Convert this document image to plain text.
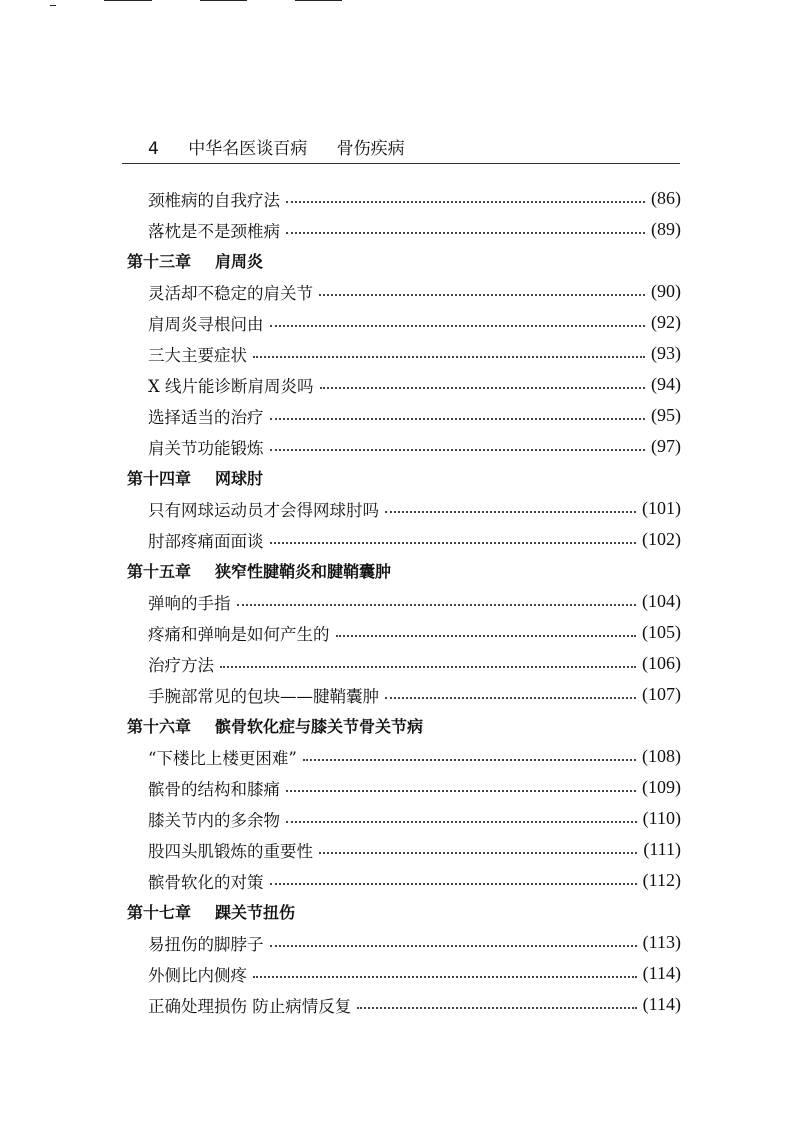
4 中华名医谈百病 骨伤疾病
颈椎病的自我疗法	(86)
落枕是不是颈椎病	(89)
第十三章 肩周炎
灵活却不稳定的肩关节	(90)
肩周炎寻根问由	(92)
三大主要症状	(93)
X 线片能诊断肩周炎吗	(94)
选择适当的治疗	(95)
肩关节功能锻炼	(97)
第十四章 网球肘
只有网球运动员才会得网球肘吗	(101)
肘部疼痛面面谈	(102)
第十五章 狭窄性腱鞘炎和腱鞘囊肿
弹响的手指	(104)
疼痛和弹响是如何产生的	(105)
治疗方法	(106)
手腕部常见的包块——腱鞘囊肿	(107)
第十六章 髌骨软化症与膝关节骨关节病
“下楼比上楼更困难”	(108)
髌骨的结构和膝痛	(109)
膝关节内的多余物	(110)
股四头肌锻炼的重要性	(111)
髌骨软化的对策	(112)
第十七章 踝关节扭伤
易扭伤的脚脖子	(113)
外侧比内侧疼	(114)
正确处理损伤 防止病情反复	(114)
